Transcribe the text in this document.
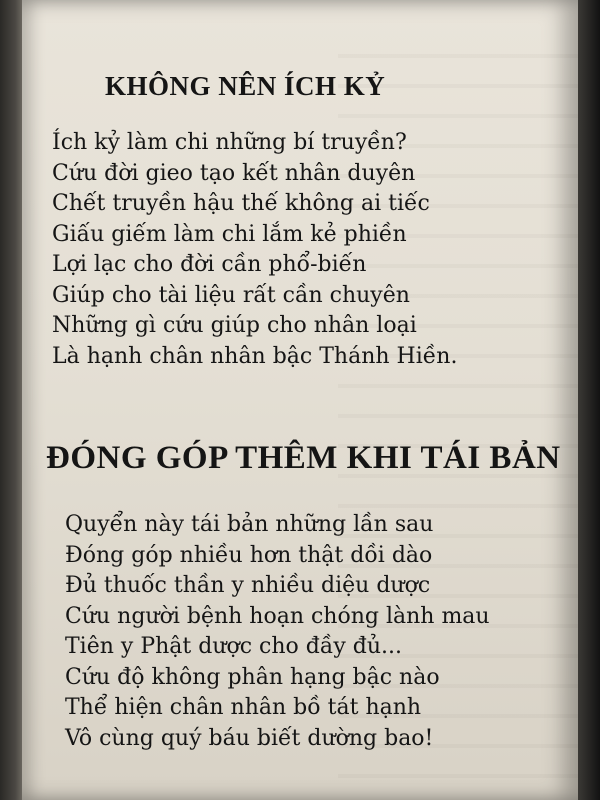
KHÔNG NÊN ÍCH KỶ
Ích kỷ làm chi những bí truyền?
Cứu đời gieo tạo kết nhân duyên
Chết truyền hậu thế không ai tiếc
Giấu giếm làm chi lắm kẻ phiền
Lợi lạc cho đời cần phổ-biến
Giúp cho tài liệu rất cần chuyên
Những gì cứu giúp cho nhân loại
Là hạnh chân nhân bậc Thánh Hiền.
ĐÓNG GÓP THÊM KHI TÁI BẢN
Quyển này tái bản những lần sau
Đóng góp nhiều hơn thật dồi dào
Đủ thuốc thần y nhiều diệu dược
Cứu người bệnh hoạn chóng lành mau
Tiên y Phật dược cho đầy đủ...
Cứu độ không phân hạng bậc nào
Thể hiện chân nhân bồ tát hạnh
Vô cùng quý báu biết dường bao!
